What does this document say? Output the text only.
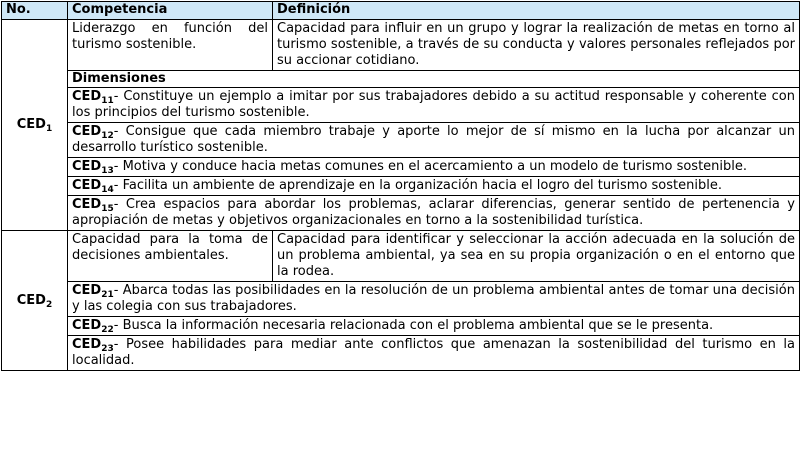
No.	Competencia	Definición
$CED_1$	Liderazgo en función del turismo sostenible.	Capacidad para influir en un grupo y lograr la realización de metas en torno al turismo sostenible, a través de su conducta y valores personales reflejados por su accionar cotidiano.
	Dimensiones	
	$CED_{11}-$ Constituye un ejemplo a imitar por sus trabajadores debido a su actitud responsable y coherente con los principios del turismo sostenible.	
	$CED_{12}-$ Consigue que cada miembro trabaje y aporte lo mejor de sí mismo en la lucha por alcanzar un desarrollo turístico sostenible.	
	$CED_{13}-$ Motiva y conduce hacia metas comunes en el acercamiento a un modelo de turismo sostenible.	
	$CED_{14}-$ Facilita un ambiente de aprendizaje en la organización hacia el logro del turismo sostenible.	
	$CED_{15}-$ Crea espacios para abordar los problemas, aclarar diferencias, generar sentido de pertenencia y apropiación de metas y objetivos organizacionales en torno a la sostenibilidad turística.	
$CED_2$	Capacidad para la toma de decisiones ambientales.	Capacidad para identificar y seleccionar la acción adecuada en la solución de un problema ambiental, ya sea en su propia organización o en el entorno que la rodea.
	$CED_{21}-$ Abarca todas las posibilidades en la resolución de un problema ambiental antes de tomar una decisión y las colegia con sus trabajadores.	
	$CED_{22}-$ Busca la información necesaria relacionada con el problema ambiental que se le presenta.	
	$CED_{23}-$ Posee habilidades para mediar ante conflictos que amenazan la sostenibilidad del turismo en la localidad.	
